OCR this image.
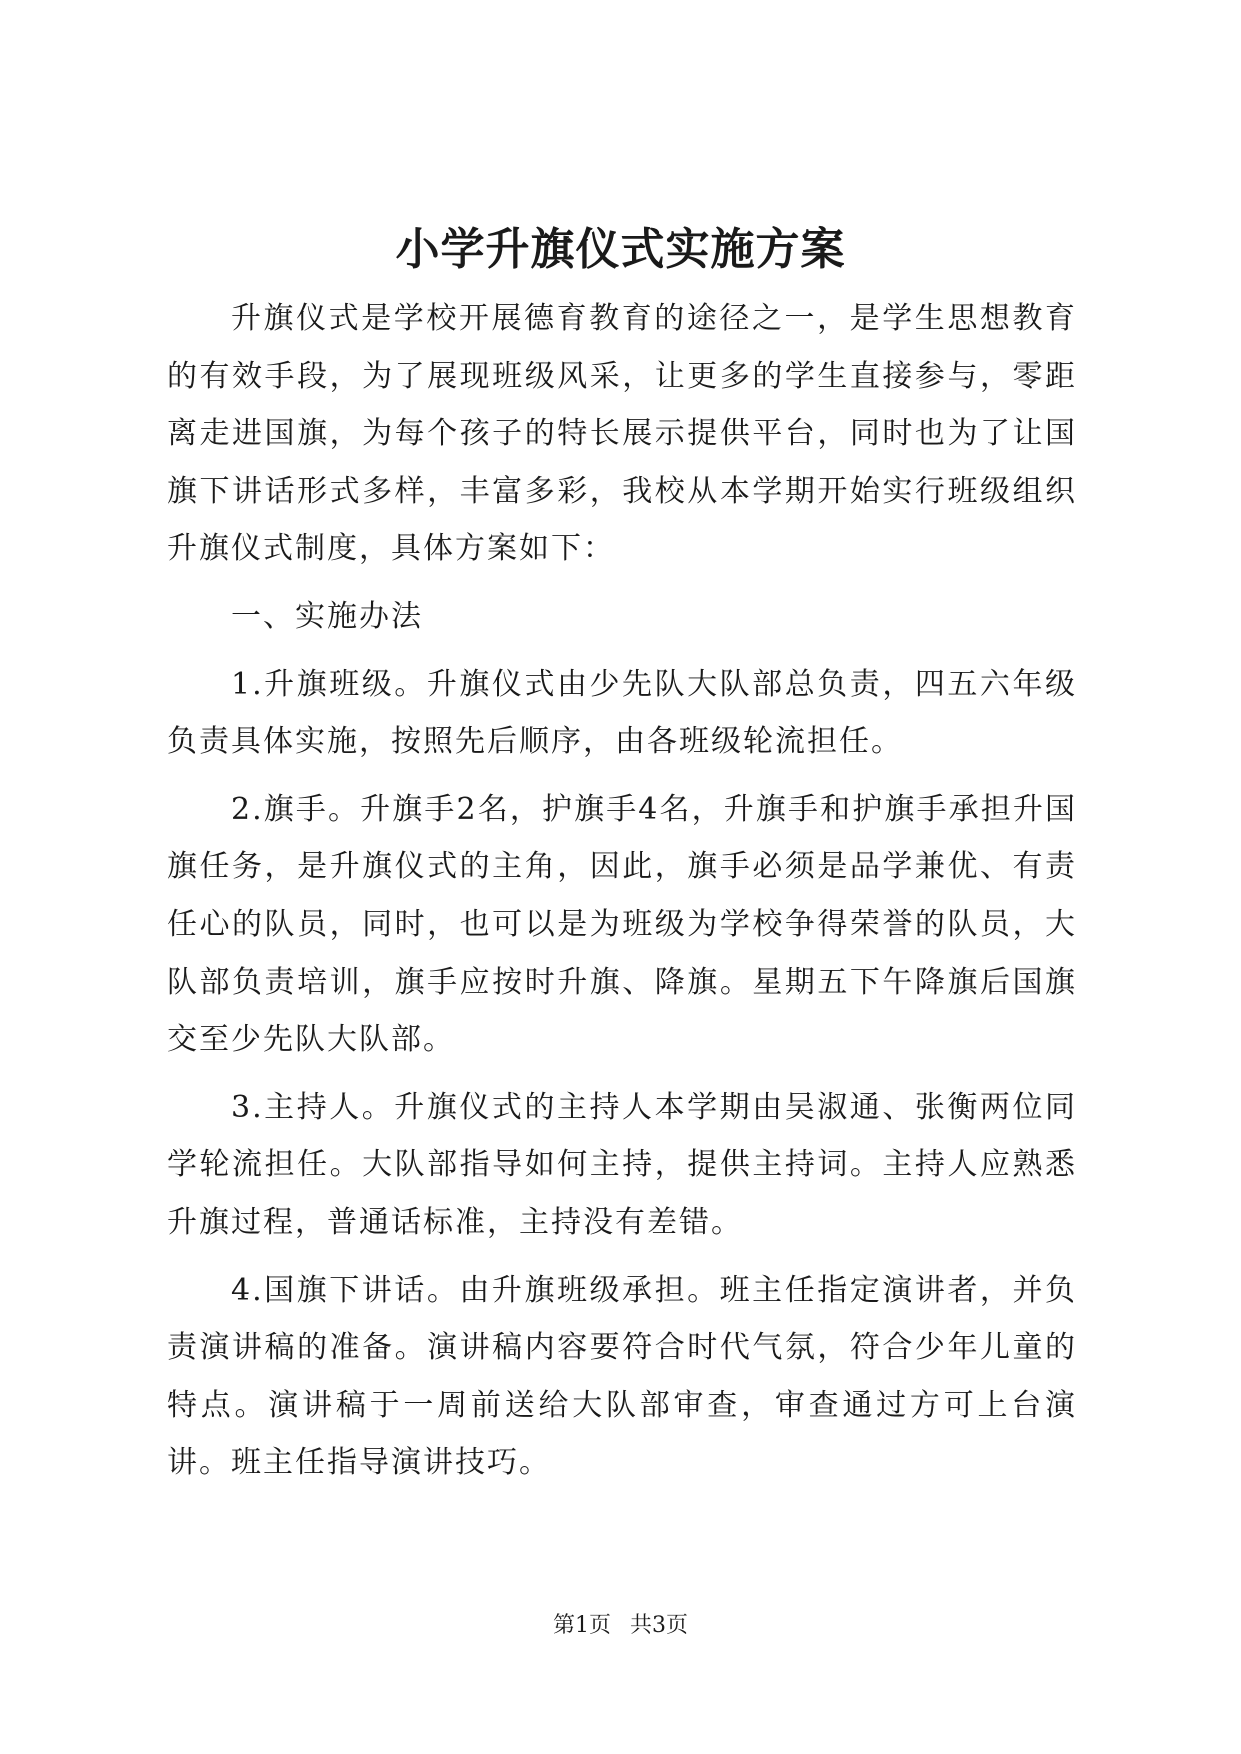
小学升旗仪式实施方案

升旗仪式是学校开展德育教育的途径之一，是学生思想教育的有效手段，为了展现班级风采，让更多的学生直接参与，零距离走进国旗，为每个孩子的特长展示提供平台，同时也为了让国旗下讲话形式多样，丰富多彩，我校从本学期开始实行班级组织升旗仪式制度，具体方案如下：

一、实施办法

1.升旗班级。升旗仪式由少先队大队部总负责，四五六年级负责具体实施，按照先后顺序，由各班级轮流担任。

2.旗手。升旗手2名，护旗手4名，升旗手和护旗手承担升国旗任务，是升旗仪式的主角，因此，旗手必须是品学兼优、有责任心的队员，同时，也可以是为班级为学校争得荣誉的队员，大队部负责培训，旗手应按时升旗、降旗。星期五下午降旗后国旗交至少先队大队部。

3.主持人。升旗仪式的主持人本学期由吴淑通、张衡两位同学轮流担任。大队部指导如何主持，提供主持词。主持人应熟悉升旗过程，普通话标准，主持没有差错。

4.国旗下讲话。由升旗班级承担。班主任指定演讲者，并负责演讲稿的准备。演讲稿内容要符合时代气氛，符合少年儿童的特点。演讲稿于一周前送给大队部审查，审查通过方可上台演讲。班主任指导演讲技巧。

第1页 共3页
